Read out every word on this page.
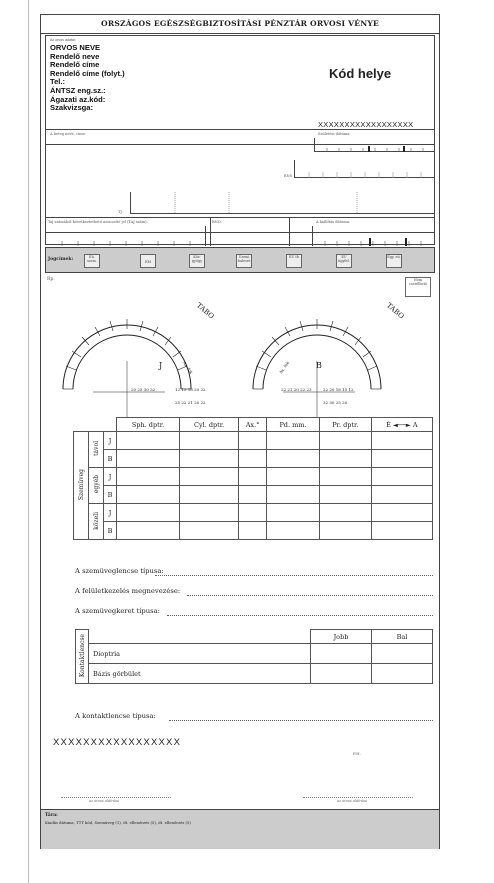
ORSZÁGOS EGÉSZSÉGBIZTOSÍTÁSI PÉNZTÁR ORVOSI VÉNYE
Az orvos adatai:
ORVOS NEVE
Rendelő neve
Rendelő címe
Rendelő címe (folyt.)
Tel.:
ÁNTSZ eng.sz.:
Ágazati az.kód:
Szakvizsga:
Kód helye
XXXXXXXXXXXXXXXXXX
A beteg neve, címe:	Születési dátuma:
ENS
TJ.
Taj számából következtethető azonosító jel (TAJ szám):	BNO:	A kiállítás dátuma:
Jogcímek:	Eü. szem.	EM
Köz-gyógy
Üzemi baleset
EU tb	EU ügyfel.
Egy. eü.
Rp.	Nem cserélhető
TABO	TABO
J	B
Ax. fok	Ax. fok
20 25 30 32	12 15 18 20 22
25 22 21 20 22
22 21 20 22 23	22 20 18 15 12
32 30 25 20
			Sph. dptr.	Cyl. dptr.	Ax.°	Pd. mm.	Pr. dptr.	É ◄──► A
Szemüveg	távol	J						
		B						
	egyéb	J						
		B						
	közeli	J						
		B						
A szemüveglencse típusa:
A felületkezelés megnevezése:
A szemüvegkeret típusa:
Kontaktlencse		Jobb	Bal
	Dioptria		
	Bázis görbület		
A kontaktlencse típusa:
XXXXXXXXXXXXXXXXX
P.H.
az orvos aláírása	az orvos aláírása
Tára:
Kiadás dátuma, TTT kód, Szemüveg (1), dt. ellenőrzés (5), dt. ellenőrzés (5)
